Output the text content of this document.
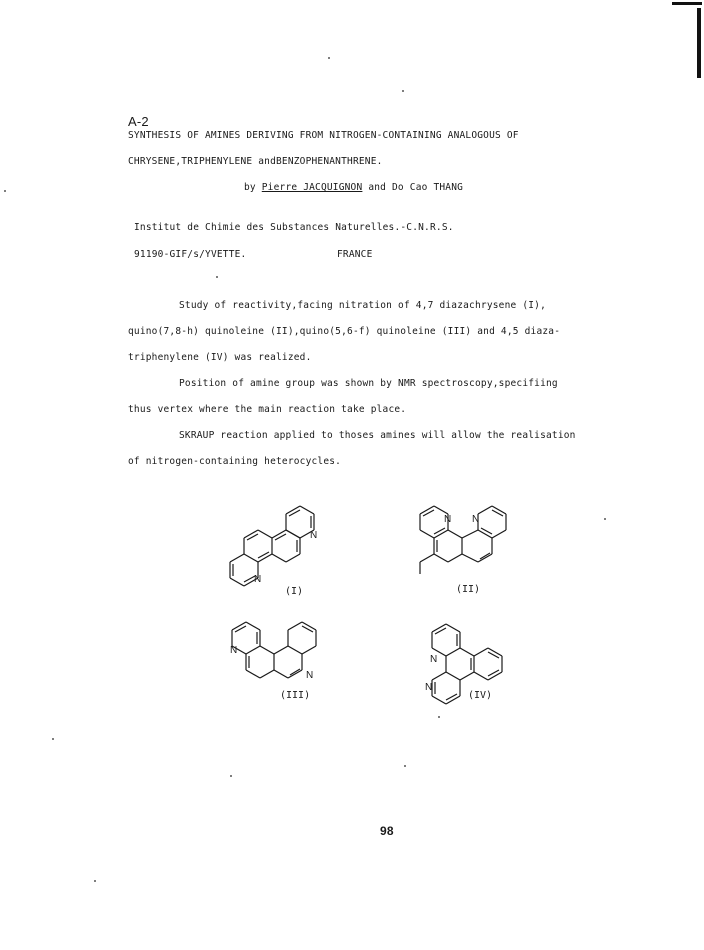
A-2
SYNTHESIS OF AMINES DERIVING FROM NITROGEN-CONTAINING ANALOGOUS OF
CHRYSENE,TRIPHENYLENE andBENZOPHENANTHRENE.
by Pierre JACQUIGNON and Do Cao THANG
Institut de Chimie des Substances Naturelles.-C.N.R.S.
91190-GIF/s/YVETTE.	FRANCE
Study of reactivity,facing nitration of 4,7 diazachrysene (I),
quino(7,8-h) quinoleine (II),quino(5,6-f) quinoleine (III) and 4,5 diaza-
triphenylene (IV) was realized.
Position of amine group was shown by NMR spectroscopy,specifiing
thus vertex where the main reaction take place.
SKRAUP reaction applied to thoses amines will allow the realisation
of nitrogen-containing heterocycles.
N
N
(I)
N N
(II)
N
N
(III)
N
N
(IV)
98
